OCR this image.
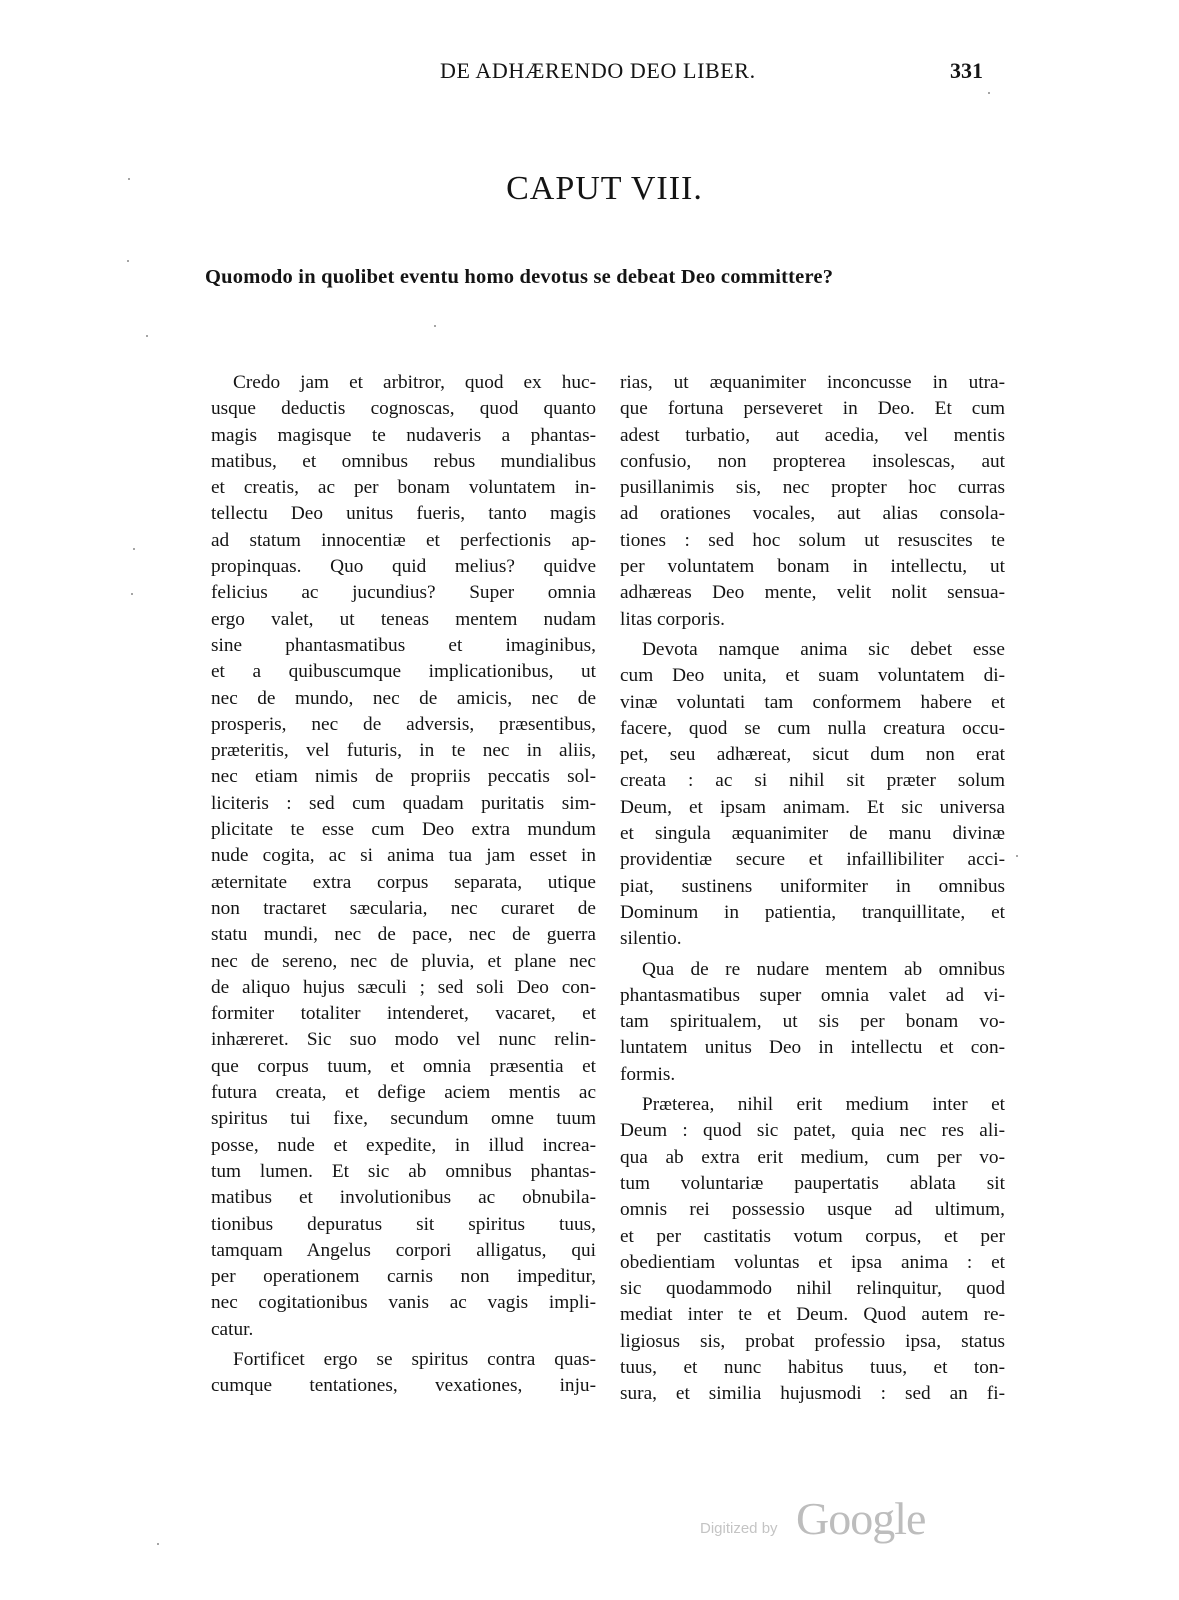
DE ADHÆRENDO DEO LIBER.	331
CAPUT VIII.
Quomodo in quolibet eventu homo devotus se debeat Deo committere?
Credo jam et arbitror, quod ex huc-
usque deductis cognoscas, quod quanto
magis magisque te nudaveris a phantas-
matibus, et omnibus rebus mundialibus
et creatis, ac per bonam voluntatem in-
tellectu Deo unitus fueris, tanto magis
ad statum innocentiæ et perfectionis ap-
propinquas. Quo quid melius? quidve
felicius ac jucundius? Super omnia
ergo valet, ut teneas mentem nudam
sine phantasmatibus et imaginibus,
et a quibuscumque implicationibus, ut
nec de mundo, nec de amicis, nec de
prosperis, nec de adversis, præsentibus,
præteritis, vel futuris, in te nec in aliis,
nec etiam nimis de propriis peccatis sol-
liciteris : sed cum quadam puritatis sim-
plicitate te esse cum Deo extra mundum
nude cogita, ac si anima tua jam esset in
æternitate extra corpus separata, utique
non tractaret sæcularia, nec curaret de
statu mundi, nec de pace, nec de guerra
nec de sereno, nec de pluvia, et plane nec
de aliquo hujus sæculi ; sed soli Deo con-
formiter totaliter intenderet, vacaret, et
inhæreret. Sic suo modo vel nunc relin-
que corpus tuum, et omnia præsentia et
futura creata, et defige aciem mentis ac
spiritus tui fixe, secundum omne tuum
posse, nude et expedite, in illud increa-
tum lumen. Et sic ab omnibus phantas-
matibus et involutionibus ac obnubila-
tionibus depuratus sit spiritus tuus,
tamquam Angelus corpori alligatus, qui
per operationem carnis non impeditur,
nec cogitationibus vanis ac vagis impli-
catur.
Fortificet ergo se spiritus contra quas-
cumque tentationes, vexationes, inju-
rias, ut æquanimiter inconcusse in utra-
que fortuna perseveret in Deo. Et cum
adest turbatio, aut acedia, vel mentis
confusio, non propterea insolescas, aut
pusillanimis sis, nec propter hoc curras
ad orationes vocales, aut alias consola-
tiones : sed hoc solum ut resuscites te
per voluntatem bonam in intellectu, ut
adhæreas Deo mente, velit nolit sensua-
litas corporis.
Devota namque anima sic debet esse
cum Deo unita, et suam voluntatem di-
vinæ voluntati tam conformem habere et
facere, quod se cum nulla creatura occu-
pet, seu adhæreat, sicut dum non erat
creata : ac si nihil sit præter solum
Deum, et ipsam animam. Et sic universa
et singula æquanimiter de manu divinæ
providentiæ secure et infaillibiliter acci-
piat, sustinens uniformiter in omnibus
Dominum in patientia, tranquillitate, et
silentio.
Qua de re nudare mentem ab omnibus
phantasmatibus super omnia valet ad vi-
tam spiritualem, ut sis per bonam vo-
luntatem unitus Deo in intellectu et con-
formis.
Præterea, nihil erit medium inter et
Deum : quod sic patet, quia nec res ali-
qua ab extra erit medium, cum per vo-
tum voluntariæ paupertatis ablata sit
omnis rei possessio usque ad ultimum,
et per castitatis votum corpus, et per
obedientiam voluntas et ipsa anima : et
sic quodammodo nihil relinquitur, quod
mediat inter te et Deum. Quod autem re-
ligiosus sis, probat professio ipsa, status
tuus, et nunc habitus tuus, et ton-
sura, et similia hujusmodi : sed an fi-
Digitized by Google
